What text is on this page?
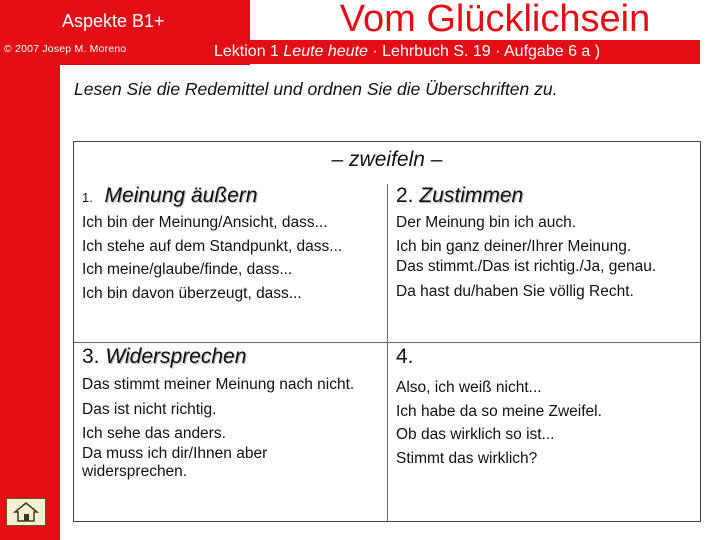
Aspekte B1+
© 2007 Josep M. Moreno
Vom Glücklichsein
Lektion 1 Leute heute · Lehrbuch S. 19 · Aufgabe 6 a )
Lesen Sie die Redemittel und ordnen Sie die Überschriften zu.
– zweifeln –
1. Meinung äußern
Ich bin der Meinung/Ansicht, dass...
Ich stehe auf dem Standpunkt, dass...
Ich meine/glaube/finde, dass...
Ich bin davon überzeugt, dass...
2. Zustimmen
Der Meinung bin ich auch.
Ich bin ganz deiner/Ihrer Meinung.
Das stimmt./Das ist richtig./Ja, genau.
Da hast du/haben Sie völlig Recht.
3. Widersprechen
Das stimmt meiner Meinung nach nicht.
Das ist nicht richtig.
Ich sehe das anders.
Da muss ich dir/Ihnen aber widersprechen.
4.
Also, ich weiß nicht...
Ich habe da so meine Zweifel.
Ob das wirklich so ist...
Stimmt das wirklich?
